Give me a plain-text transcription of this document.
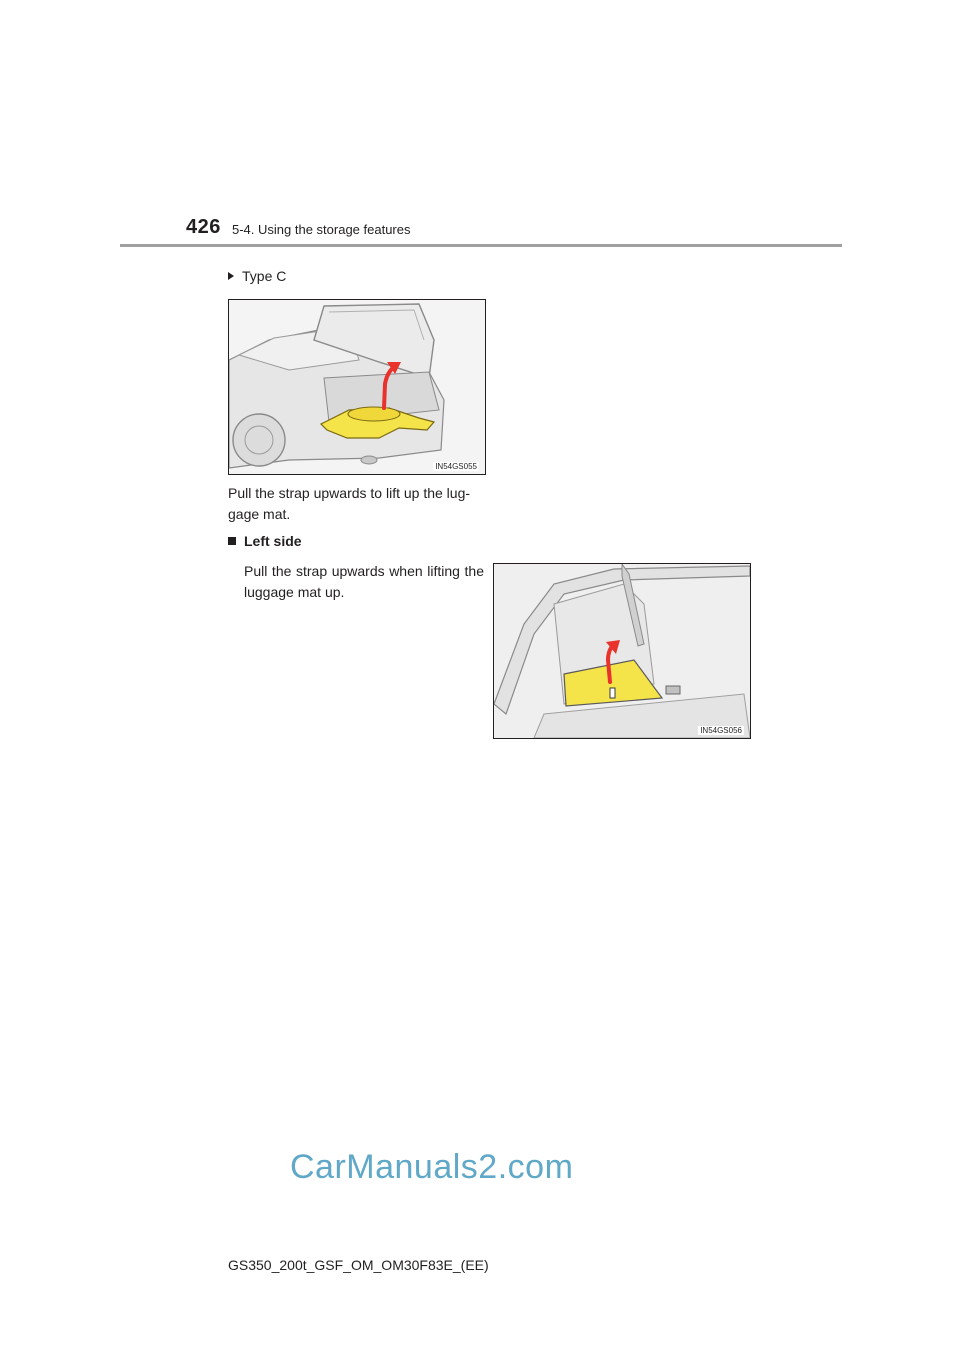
426 5-4. Using the storage features
Type C
IN54GS055
Pull the strap upwards to lift up the lug-gage mat.
Left side
Pull the strap upwards when lifting the luggage mat up.
IN54GS056
CarManuals2.com
GS350_200t_GSF_OM_OM30F83E_(EE)
